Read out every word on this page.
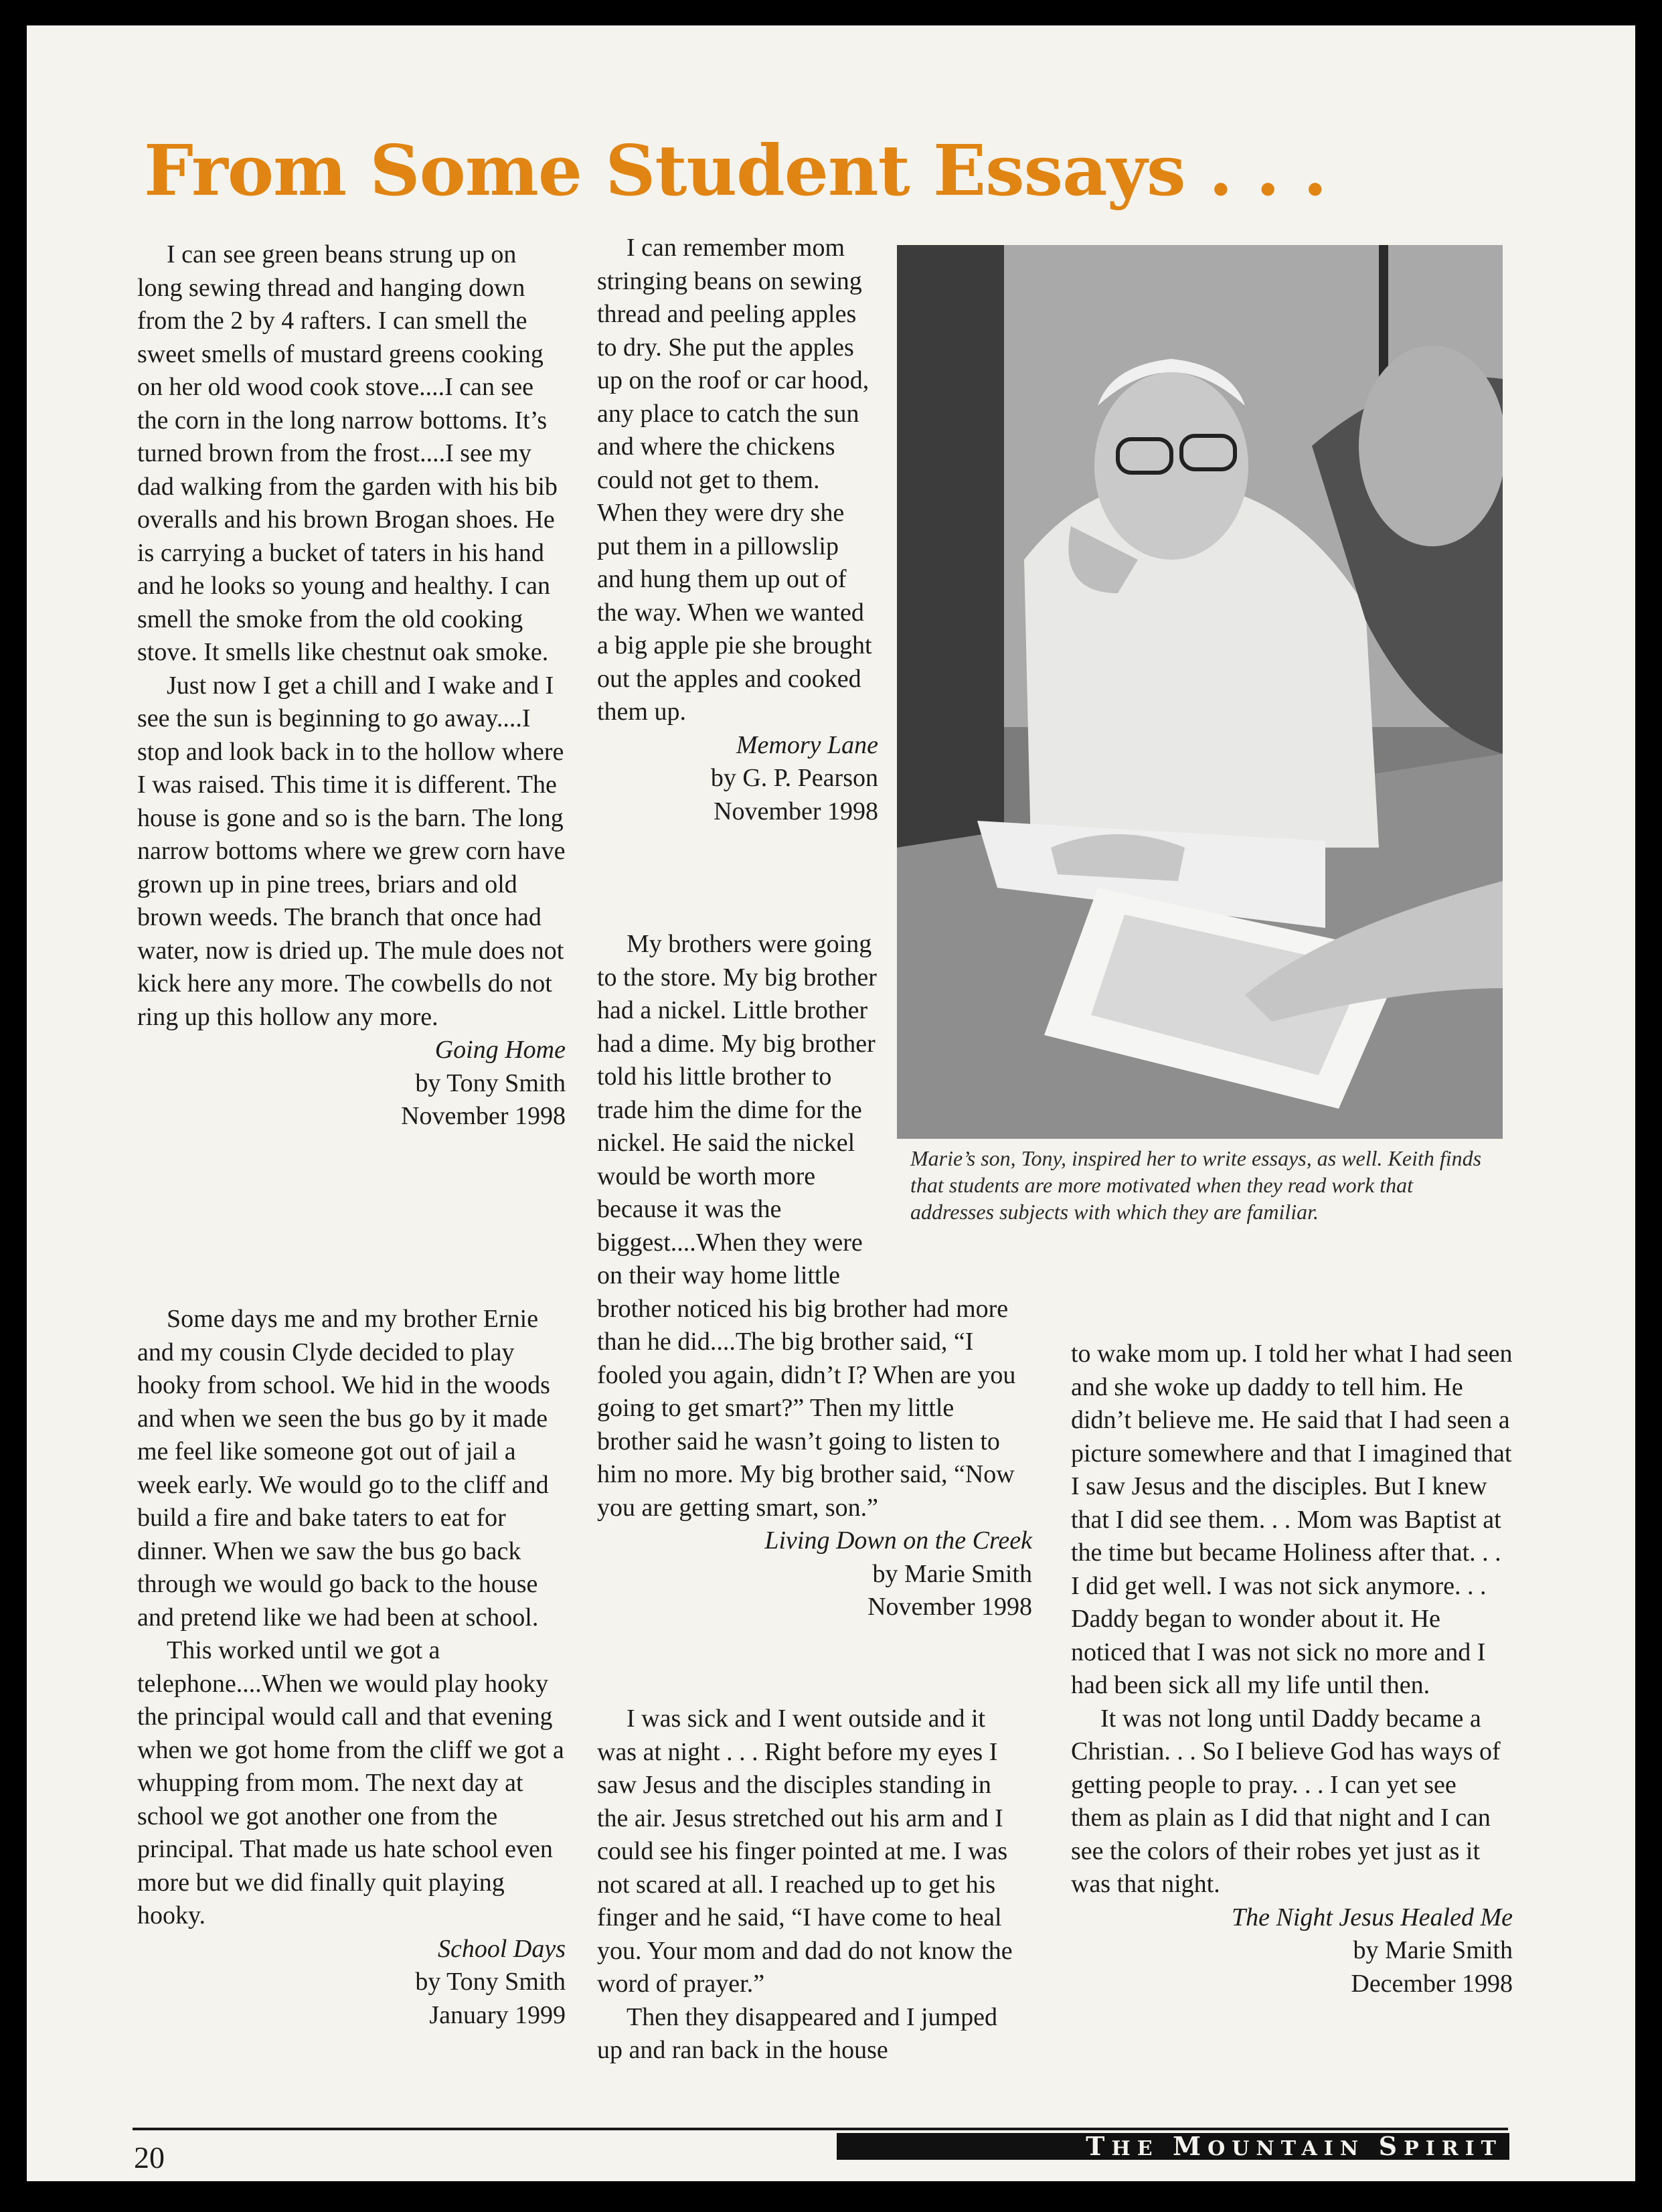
From Some Student Essays . . .

I can see green beans strung up on long sewing thread and hanging down from the 2 by 4 rafters. I can smell the sweet smells of mustard greens cooking on her old wood cook stove....I can see the corn in the long narrow bottoms. It’s turned brown from the frost....I see my dad walking from the garden with his bib overalls and his brown Brogan shoes. He is carrying a bucket of taters in his hand and he looks so young and healthy. I can smell the smoke from the old cooking stove. It smells like chestnut oak smoke.

Just now I get a chill and I wake and I see the sun is beginning to go away....I stop and look back in to the hollow where I was raised. This time it is different. The house is gone and so is the barn. The long narrow bottoms where we grew corn have grown up in pine trees, briars and old brown weeds. The branch that once had water, now is dried up. The mule does not kick here any more. The cowbells do not ring up this hollow any more.

Going Home
by Tony Smith
November 1998

Some days me and my brother Ernie and my cousin Clyde decided to play hooky from school. We hid in the woods and when we seen the bus go by it made me feel like someone got out of jail a week early. We would go to the cliff and build a fire and bake taters to eat for dinner. When we saw the bus go back through we would go back to the house and pretend like we had been at school.

This worked until we got a telephone....When we would play hooky the principal would call and that evening when we got home from the cliff we got a whupping from mom. The next day at school we got another one from the principal. That made us hate school even more but we did finally quit playing hooky.

School Days
by Tony Smith
January 1999

I can remember mom stringing beans on sewing thread and peeling apples to dry. She put the apples up on the roof or car hood, any place to catch the sun and where the chickens could not get to them. When they were dry she put them in a pillowslip and hung them up out of the way. When we wanted a big apple pie she brought out the apples and cooked them up.

Memory Lane
by G. P. Pearson
November 1998

My brothers were going to the store. My big brother had a nickel. Little brother had a dime. My big brother told his little brother to trade him the dime for the nickel. He said the nickel would be worth more because it was the biggest....When they were on their way home little brother noticed his big brother had more than he did....The big brother said, “I fooled you again, didn’t I? When are you going to get smart?” Then my little brother said he wasn’t going to listen to him no more. My big brother said, “Now you are getting smart, son.”

Living Down on the Creek
by Marie Smith
November 1998

I was sick and I went outside and it was at night . . . Right before my eyes I saw Jesus and the disciples standing in the air. Jesus stretched out his arm and I could see his finger pointed at me. I was not scared at all. I reached up to get his finger and he said, “I have come to heal you. Your mom and dad do not know the word of prayer.”

Then they disappeared and I jumped up and ran back in the house

to wake mom up. I told her what I had seen and she woke up daddy to tell him. He didn’t believe me. He said that I had seen a picture somewhere and that I imagined that I saw Jesus and the disciples. But I knew that I did see them. . . Mom was Baptist at the time but became Holiness after that. . . I did get well. I was not sick anymore. . . Daddy began to wonder about it. He noticed that I was not sick no more and I had been sick all my life until then.

It was not long until Daddy became a Christian. . . So I believe God has ways of getting people to pray. . . I can yet see them as plain as I did that night and I can see the colors of their robes yet just as it was that night.

The Night Jesus Healed Me
by Marie Smith
December 1998
Marie’s son, Tony, inspired her to write essays, as well. Keith finds that students are more motivated when they read work that addresses subjects with which they are familiar.
THE MOUNTAIN SPIRIT
20
